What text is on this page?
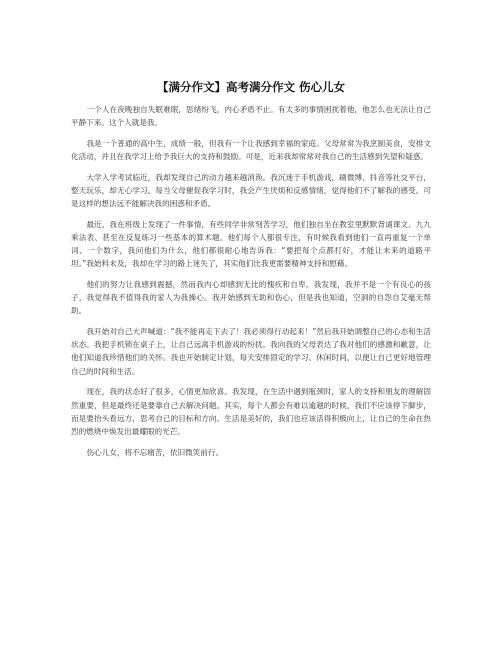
【满分作文】高考满分作文 伤心儿女

一个人在夜晚独自失眠难眠，思绪纷飞，内心矛盾不止。有太多的事情困扰着他，他怎么也无法让自己平静下来。这个人就是我。

我是一个普通的高中生，成绩一般，但我有一个让我感到幸福的家庭。父母常常为我烹制美食，安排文化活动，并且在我学习上给予我巨大的支持和鼓励。可是，近来我却常常对我自己的生活感到失望和疑惑。

大学入学考试临近，我却发现自己的动力越来越消涣。我沉迷于手机游戏，刷微博、抖音等社交平台，整天玩乐，却无心学习。每当父母催促我学习时，我会产生厌烦和反感情绪，觉得他们不了解我的感受。可是这样的想法远不能解决我的困惑和矛盾。

最近，我在班级上发现了一件事情，有些同学非常刻苦学习，他们独自坐在教室里默默背诵课文、九九乘法表、甚至在反复练习一些基本的算术题。他们每个人都很专注，有时候我看到他们一直再重复一个单词、一个数字，我问他们为什么，他们都很耐心地告诉我：“要把每个点都打好，才能让未来的道路平坦。”我始料未及，我却在学习的路上迷失了，其实他们比我更需要精神支持和慰藉。

他们的努力让我感到震撼，然而我内心却感到无比的愧疚和自卑。我发现，我并不是一个有良心的孩子，我觉得我不值得我的家人为我操心。我开始感到无助和伤心，但是我也知道，空洞的自怨自艾毫无帮助。

我开始对自己大声喊道：“我不能再走下去了！我必须得行动起来！”然后我开始调整自己的心态和生活状态。我把手机锁在桌子上，让自己远离手机游戏的纷扰。我向我的父母表达了我对他们的感激和歉意，让他们知道我珍惜他们的关怀。我也开始制定计划，每天安排固定的学习、休闲时间，以便让自己更好地管理自己的时间和生活。

现在，我的状态好了很多，心情更加欣喜。我发现，在生活中遇到瓶颈时，家人的支持和朋友的理解固然重要，但是最终还是要靠自己去解决问题。其实，每个人都会有难以逾越的时候，我们不应该停下脚步，而是要抬头看远方，思考自己的目标和方向。生活是美好的，我们也应该活得积极向上，让自己的生命在热烈的燃烧中焕发出最耀眼的光芒。

伤心儿女，将不忘痛苦，依旧微笑前行。
